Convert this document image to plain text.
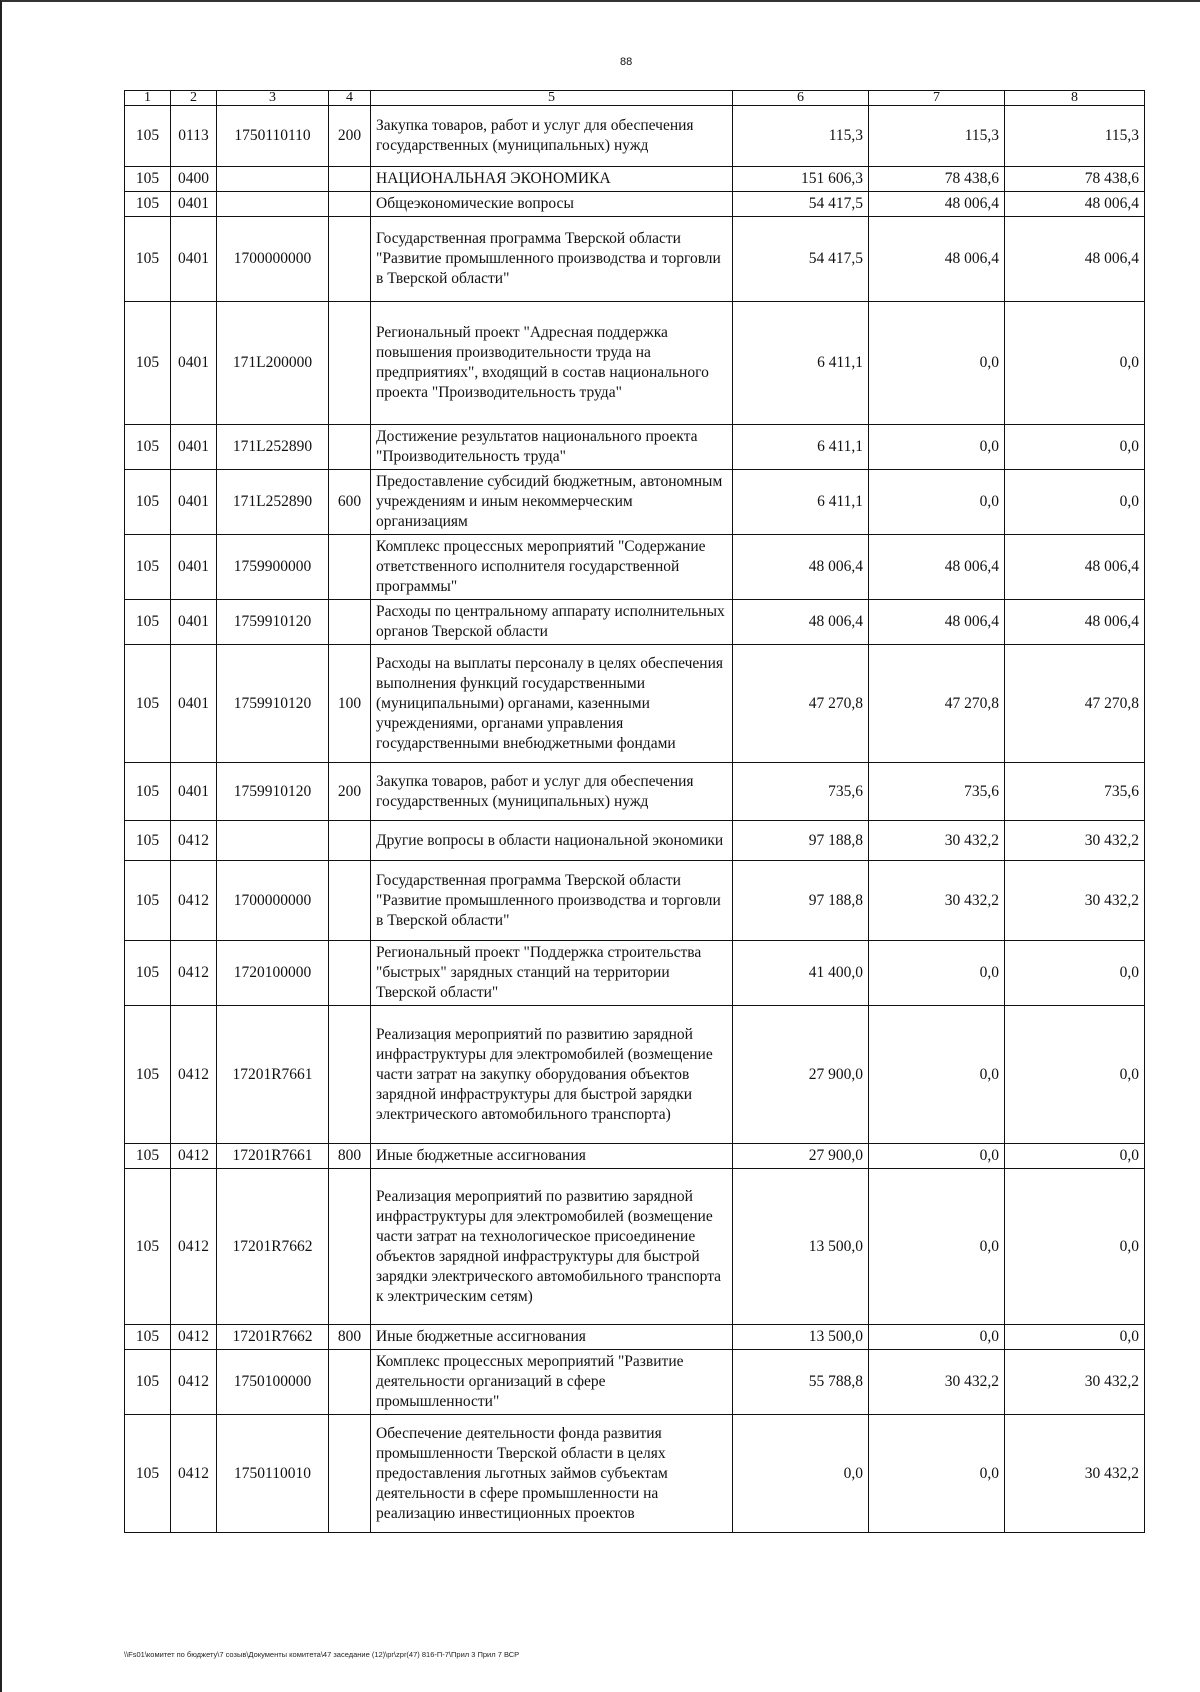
88
1	2	3	4	5	6	7	8
105	0113	1750110110	200	Закупка товаров, работ и услуг для обеспечения государственных (муниципальных) нужд	115,3	115,3	115,3
105	0400			НАЦИОНАЛЬНАЯ ЭКОНОМИКА	151 606,3	78 438,6	78 438,6
105	0401			Общеэкономические вопросы	54 417,5	48 006,4	48 006,4
105	0401	1700000000		Государственная программа Тверской области "Развитие промышленного производства и торговли в Тверской области"	54 417,5	48 006,4	48 006,4
105	0401	171L200000		Региональный проект "Адресная поддержка повышения производительности труда на предприятиях", входящий в состав национального проекта "Производительность труда"	6 411,1	0,0	0,0
105	0401	171L252890		Достижение результатов национального проекта "Производительность труда"	6 411,1	0,0	0,0
105	0401	171L252890	600	Предоставление субсидий бюджетным, автономным учреждениям и иным некоммерческим организациям	6 411,1	0,0	0,0
105	0401	1759900000		Комплекс процессных мероприятий "Содержание ответственного исполнителя государственной программы"	48 006,4	48 006,4	48 006,4
105	0401	1759910120		Расходы по центральному аппарату исполнительных органов Тверской области	48 006,4	48 006,4	48 006,4
105	0401	1759910120	100	Расходы на выплаты персоналу в целях обеспечения выполнения функций государственными (муниципальными) органами, казенными учреждениями, органами управления государственными внебюджетными фондами	47 270,8	47 270,8	47 270,8
105	0401	1759910120	200	Закупка товаров, работ и услуг для обеспечения государственных (муниципальных) нужд	735,6	735,6	735,6
105	0412			Другие вопросы в области национальной экономики	97 188,8	30 432,2	30 432,2
105	0412	1700000000		Государственная программа Тверской области "Развитие промышленного производства и торговли в Тверской области"	97 188,8	30 432,2	30 432,2
105	0412	1720100000		Региональный проект "Поддержка строительства "быстрых" зарядных станций на территории Тверской области"	41 400,0	0,0	0,0
105	0412	17201R7661		Реализация мероприятий по развитию зарядной инфраструктуры для электромобилей (возмещение части затрат на закупку оборудования объектов зарядной инфраструктуры для быстрой зарядки электрического автомобильного транспорта)	27 900,0	0,0	0,0
105	0412	17201R7661	800	Иные бюджетные ассигнования	27 900,0	0,0	0,0
105	0412	17201R7662		Реализация мероприятий по развитию зарядной инфраструктуры для электромобилей (возмещение части затрат на технологическое присоединение объектов зарядной инфраструктуры для быстрой зарядки электрического автомобильного транспорта к электрическим сетям)	13 500,0	0,0	0,0
105	0412	17201R7662	800	Иные бюджетные ассигнования	13 500,0	0,0	0,0
105	0412	1750100000		Комплекс процессных мероприятий "Развитие деятельности организаций в сфере промышленности"	55 788,8	30 432,2	30 432,2
105	0412	1750110010		Обеспечение деятельности фонда развития промышленности Тверской области в целях предоставления льготных займов субъектам деятельности в сфере промышленности на реализацию инвестиционных проектов	0,0	0,0	30 432,2
\\Fs01\комитет по бюджету\7 созыв\Документы комитета\47 заседание (12)\pr\zpr(47) 816-П-7\Прил 3 Прил 7 ВСР
